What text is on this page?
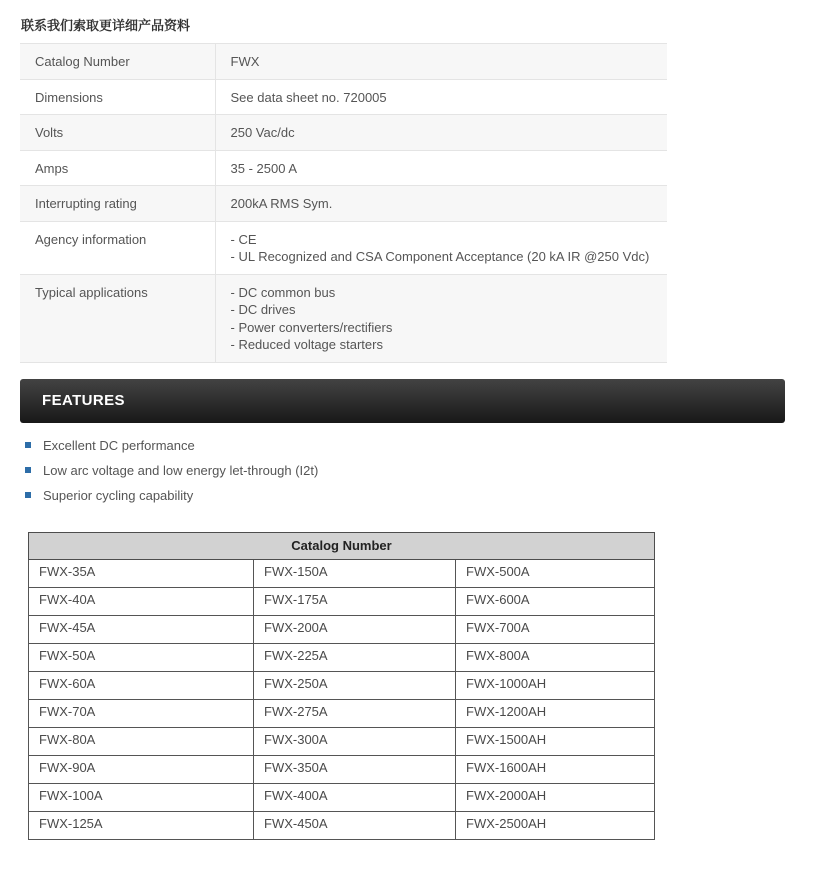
联系我们索取更详细产品资料
Catalog Number	FWX

Dimensions	See data sheet no. 720005

Volts	250 Vac/dc

Amps	35 - 2500 A

Interrupting rating	200kA RMS Sym.

Agency information	- CE
- UL Recognized and CSA Component Acceptance (20 kA IR @250 Vdc)

Typical applications	- DC common bus
- DC drives
- Power converters/rectifiers
- Reduced voltage starters
FEATURES
Excellent DC performance
Low arc voltage and low energy let-through (I2t)
Superior cycling capability
Catalog Number		
FWX-35A	FWX-150A	FWX-500A
FWX-40A	FWX-175A	FWX-600A
FWX-45A	FWX-200A	FWX-700A
FWX-50A	FWX-225A	FWX-800A
FWX-60A	FWX-250A	FWX-1000AH
FWX-70A	FWX-275A	FWX-1200AH
FWX-80A	FWX-300A	FWX-1500AH
FWX-90A	FWX-350A	FWX-1600AH
FWX-100A	FWX-400A	FWX-2000AH
FWX-125A	FWX-450A	FWX-2500AH
